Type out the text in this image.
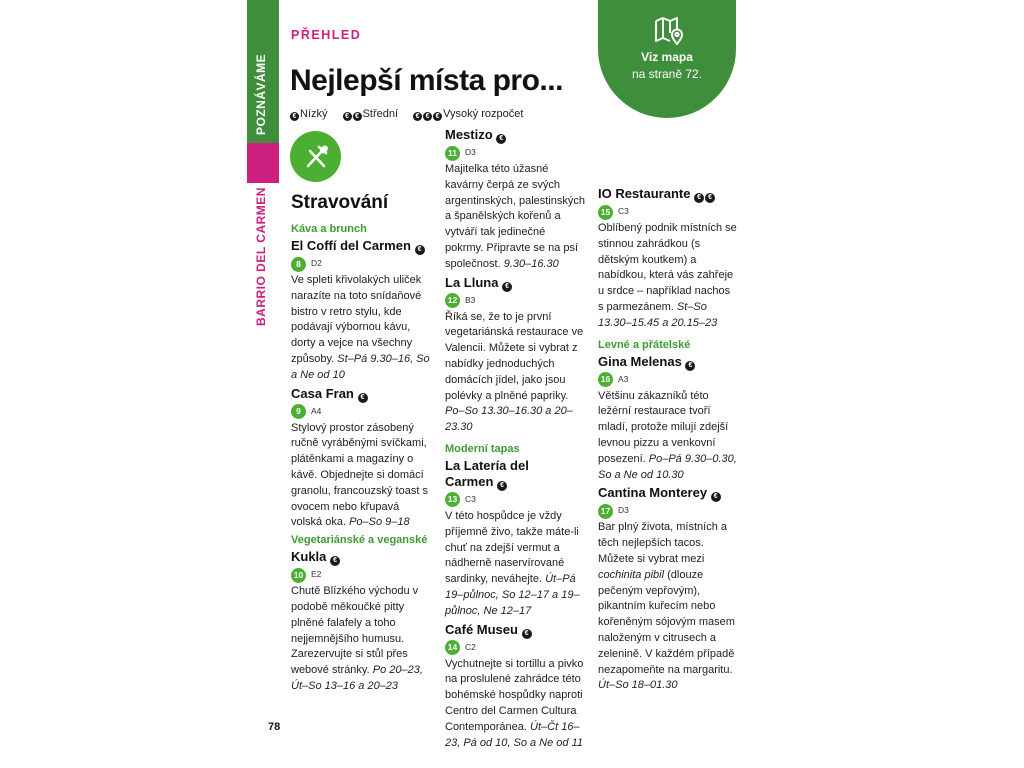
POZNÁVÁME
BARRIO DEL CARMEN
PŘEHLED
Nejlepší místa pro...
€ Nízký	€ € Střední	€ € € Vysoký rozpočet
Viz mapa
na straně 72.
Stravování
Káva a brunch
El Coffí del Carmen €
8	D2
Ve spleti křivolakých uliček narazíte na toto snídaňové bistro v retro stylu, kde podávají výbornou kávu, dorty a vejce na všechny způsoby. St–Pá 9.30–16, So a Ne od 10
Casa Fran €
9	A4
Stylový prostor zásobený ručně vyráběnými svíčkami, plátěnkami a magazíny o kávě. Objednejte si domácí granolu, francouzský toast s ovocem nebo křupavá volská oka. Po–So 9–18
Vegetariánské a veganské
Kukla €
10 E2
Chutě Blízkého východu v podobě měkoučké pitty plněné falafely a toho nejjemnějšího humusu. Zarezervujte si stůl přes webové stránky. Po 20–23, Út–So 13–16 a 20–23
Mestizo €
11 D3
Majitelka této úžasné kavárny čerpá ze svých argentinských, palestinských a španělských kořenů a vytváří tak jedinečné pokrmy. Připravte se na psí společnost. 9.30–16.30
La Lluna €
12 B3
Říká se, že to je první vegetariánská restaurace ve Valencii. Můžete si vybrat z nabídky jednoduchých domácích jídel, jako jsou polévky a plněné papriky. Po–So 13.30–16.30 a 20–23.30
Moderní tapas
La Latería del Carmen €
13 C3
V této hospůdce je vždy příjemně živo, takže máte-li chuť na zdejší vermut a nádherně naservírované sardinky, neváhejte. Út–Pá 19–půlnoc, So 12–17 a 19–půlnoc, Ne 12–17
Café Museu €
14 C2
Vychutnejte si tortillu a pivko na proslulené zahrádce této bohémské hospůdky naproti Centro del Carmen Cultura Contemporánea. Út–Čt 16–23, Pá od 10, So a Ne od 11
IO Restaurante € €
15 C3
Oblíbený podnik místních se stinnou zahrádkou (s dětským koutkem) a nabídkou, která vás zahřeje u srdce – například nachos s parmezánem. St–So 13.30–15.45 a 20.15–23
Levné a přátelské
Gina Melenas €
16 A3
Většinu zákazníků této ležérní restaurace tvoří mladí, protože milují zdejší levnou pizzu a venkovní posezení. Po–Pá 9.30–0.30, So a Ne od 10.30
Cantina Monterey €
17 D3
Bar plný života, místních a těch nejlepších tacos. Můžete si vybrat mezi cochinita pibil (dlouze pečeným vepřovým), pikantním kuřecím nebo kořeněným sójovým masem naloženým v citrusech a zelenině. V každém případě nezapomeňte na margaritu. Út–So 18–01.30
78
